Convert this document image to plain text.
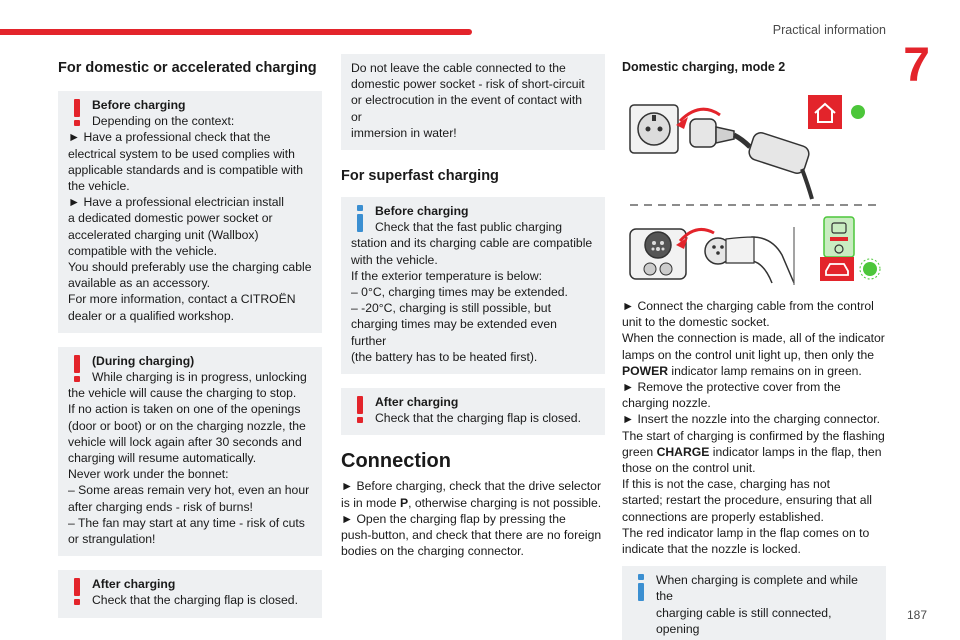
Practical information
7
For domestic or accelerated charging
Before charging
Depending on the context:
► Have a professional check that the
electrical system to be used complies with
applicable standards and is compatible with
the vehicle.
► Have a professional electrician install
a dedicated domestic power socket or
accelerated charging unit (Wallbox)
compatible with the vehicle.
You should preferably use the charging cable
available as an accessory.
For more information, contact a CITROËN
dealer or a qualified workshop.
(During charging)
While charging is in progress, unlocking
the vehicle will cause the charging to stop.
If no action is taken on one of the openings
(door or boot) or on the charging nozzle, the
vehicle will lock again after 30 seconds and
charging will resume automatically.
Never work under the bonnet:
– Some areas remain very hot, even an hour
after charging ends - risk of burns!
– The fan may start at any time - risk of cuts
or strangulation!
After charging
Check that the charging flap is closed.
Do not leave the cable connected to the
domestic power socket - risk of short-circuit
or electrocution in the event of contact with or
immersion in water!
For superfast charging
Before charging
Check that the fast public charging
station and its charging cable are compatible
with the vehicle.
If the exterior temperature is below:
– 0°C, charging times may be extended.
– -20°C, charging is still possible, but
charging times may be extended even further
(the battery has to be heated first).
After charging
Check that the charging flap is closed.
Connection
► Before charging, check that the drive selector
is in mode P, otherwise charging is not possible.
► Open the charging flap by pressing the
push-button, and check that there are no foreign
bodies on the charging connector.
Domestic charging, mode 2
► Connect the charging cable from the control
unit to the domestic socket.
When the connection is made, all of the indicator
lamps on the control unit light up, then only the
POWER indicator lamp remains on in green.
► Remove the protective cover from the
charging nozzle.
► Insert the nozzle into the charging connector.
The start of charging is confirmed by the flashing
green CHARGE indicator lamps in the flap, then
those on the control unit.
If this is not the case, charging has not
started; restart the procedure, ensuring that all
connections are properly established.
The red indicator lamp in the flap comes on to
indicate that the nozzle is locked.
When charging is complete and while the
charging cable is still connected, opening
187
